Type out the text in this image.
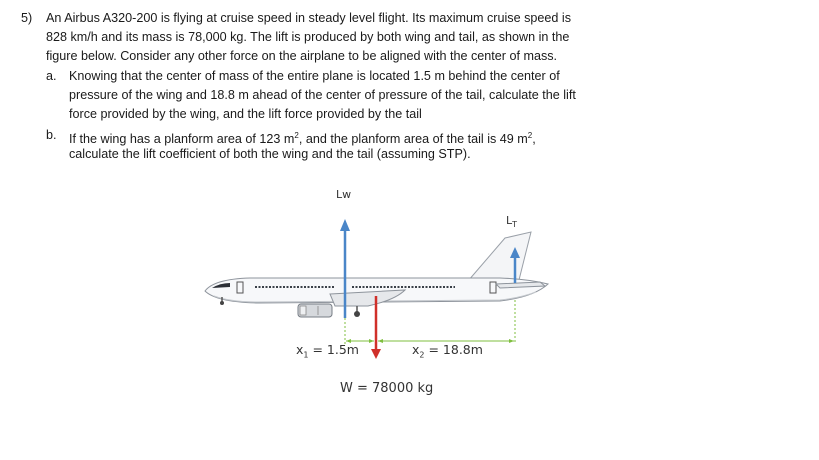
5) An Airbus A320-200 is flying at cruise speed in steady level flight. Its maximum cruise speed is
828 km/h and its mass is 78,000 kg. The lift is produced by both wing and tail, as shown in the
figure below. Consider any other force on the airplane to be aligned with the center of mass.
a. Knowing that the center of mass of the entire plane is located 1.5 m behind the center of
pressure of the wing and 18.8 m ahead of the center of pressure of the tail, calculate the lift
force provided by the wing, and the lift force provided by the tail
b. If the wing has a planform area of 123 $m^2$, and the planform area of the tail is 49 $m^2$,
calculate the lift coefficient of both the wing and the tail (assuming STP).
Lw
$L_T$
$x_1 = 1.5m$	$x_2 = 18.8m$
W = 78000 kg
